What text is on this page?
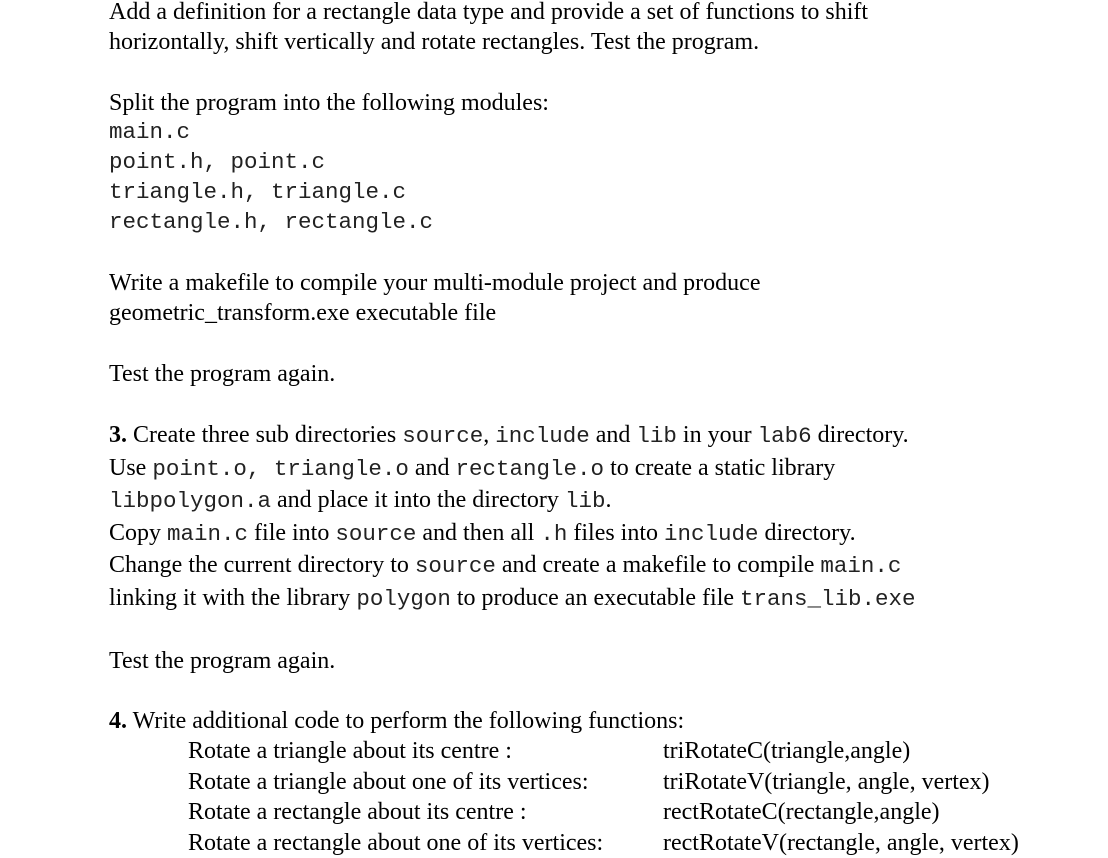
Add a definition for a rectangle data type and provide a set of functions to shift
horizontally, shift vertically and rotate rectangles. Test the program.
Split the program into the following modules:
main.c
point.h, point.c
triangle.h, triangle.c
rectangle.h, rectangle.c
Write a makefile to compile your multi-module project and produce
geometric_transform.exe executable file
Test the program again.
3. Create three sub directories source, include and lib in your lab6 directory.
Use point.o, triangle.o and rectangle.o to create a static library
libpolygon.a and place it into the directory lib.
Copy main.c file into source and then all .h files into include directory.
Change the current directory to source and create a makefile to compile main.c
linking it with the library polygon to produce an executable file trans_lib.exe
Test the program again.
4. Write additional code to perform the following functions:
Rotate a triangle about its centre :	triRotateC(triangle,angle)
Rotate a triangle about one of its vertices:	triRotateV(triangle, angle, vertex)
Rotate a rectangle about its centre :	rectRotateC(rectangle,angle)
Rotate a rectangle about one of its vertices: rectRotateV(rectangle, angle, vertex)
